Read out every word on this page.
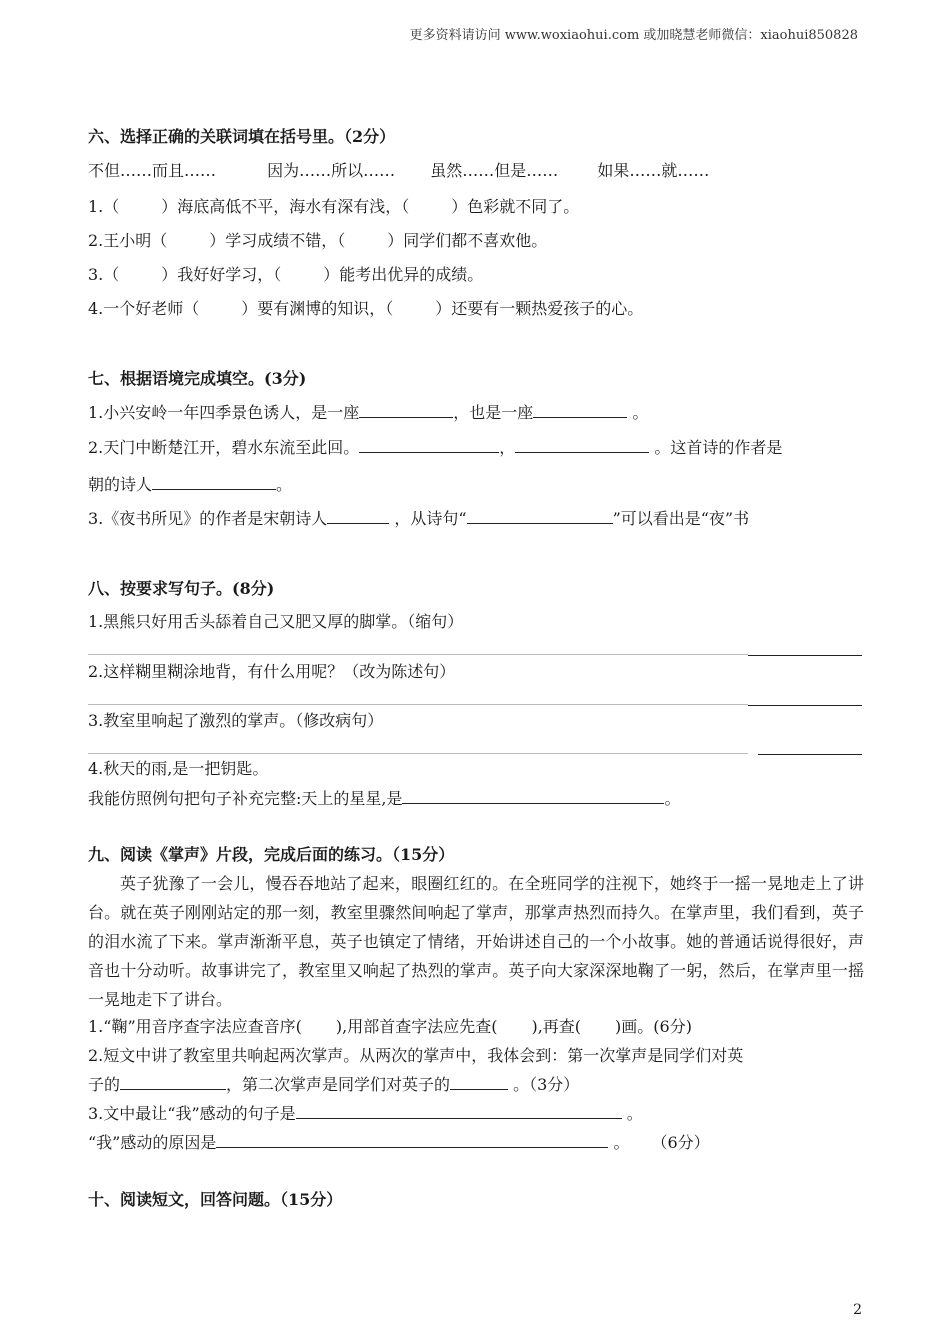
更多资料请访问 www.woxiaohui.com 或加晓慧老师微信：xiaohui850828
六、选择正确的关联词填在括号里。（2分）
不但……而且……	因为……所以…… 虽然……但是…… 如果……就……
1.（	）海底高低不平，海水有深有浅，（	）色彩就不同了。
2.王小明（	）学习成绩不错，（	）同学们都不喜欢他。
3.（	）我好好学习，（	）能考出优异的成绩。
4.一个好老师（	）要有渊博的知识，（	）还要有一颗热爱孩子的心。
七、根据语境完成填空。(3分)
1.小兴安岭一年四季景色诱人，是一座	，也是一座	。
2.天门中断楚江开，碧水东流至此回。	，	。这首诗的作者是
朝的诗人	。
3.《夜书所见》的作者是宋朝诗人	，从诗句“	”可以看出是“夜”书
八、按要求写句子。(8分)
1.黑熊只好用舌头舔着自己又肥又厚的脚掌。（缩句）
2.这样糊里糊涂地背，有什么用呢？（改为陈述句）
3.教室里响起了激烈的掌声。（修改病句）
4.秋天的雨,是一把钥匙。
我能仿照例句把句子补充完整:天上的星星,是	。
九、阅读《掌声》片段，完成后面的练习。（15分）
英子犹豫了一会儿，慢吞吞地站了起来，眼圈红红的。在全班同学的注视下，她终于一摇一晃地走上了讲台。就在英子刚刚站定的那一刻，教室里骤然间响起了掌声，那掌声热烈而持久。在掌声里，我们看到，英子的泪水流了下来。掌声渐渐平息，英子也镇定了情绪，开始讲述自己的一个小故事。她的普通话说得很好，声音也十分动听。故事讲完了，教室里又响起了热烈的掌声。英子向大家深深地鞠了一躬，然后，在掌声里一摇一晃地走下了讲台。
1.“鞠”用音序查字法应查音序( ),用部首查字法应先查( ),再查( )画。(6分)
2.短文中讲了教室里共响起两次掌声。从两次的掌声中，我体会到：第一次掌声是同学们对英
子的	，第二次掌声是同学们对英子的	。（3分）
3.文中最让“我”感动的句子是	。
“我”感动的原因是	。 （6分）
十、阅读短文，回答问题。（15分）
2
